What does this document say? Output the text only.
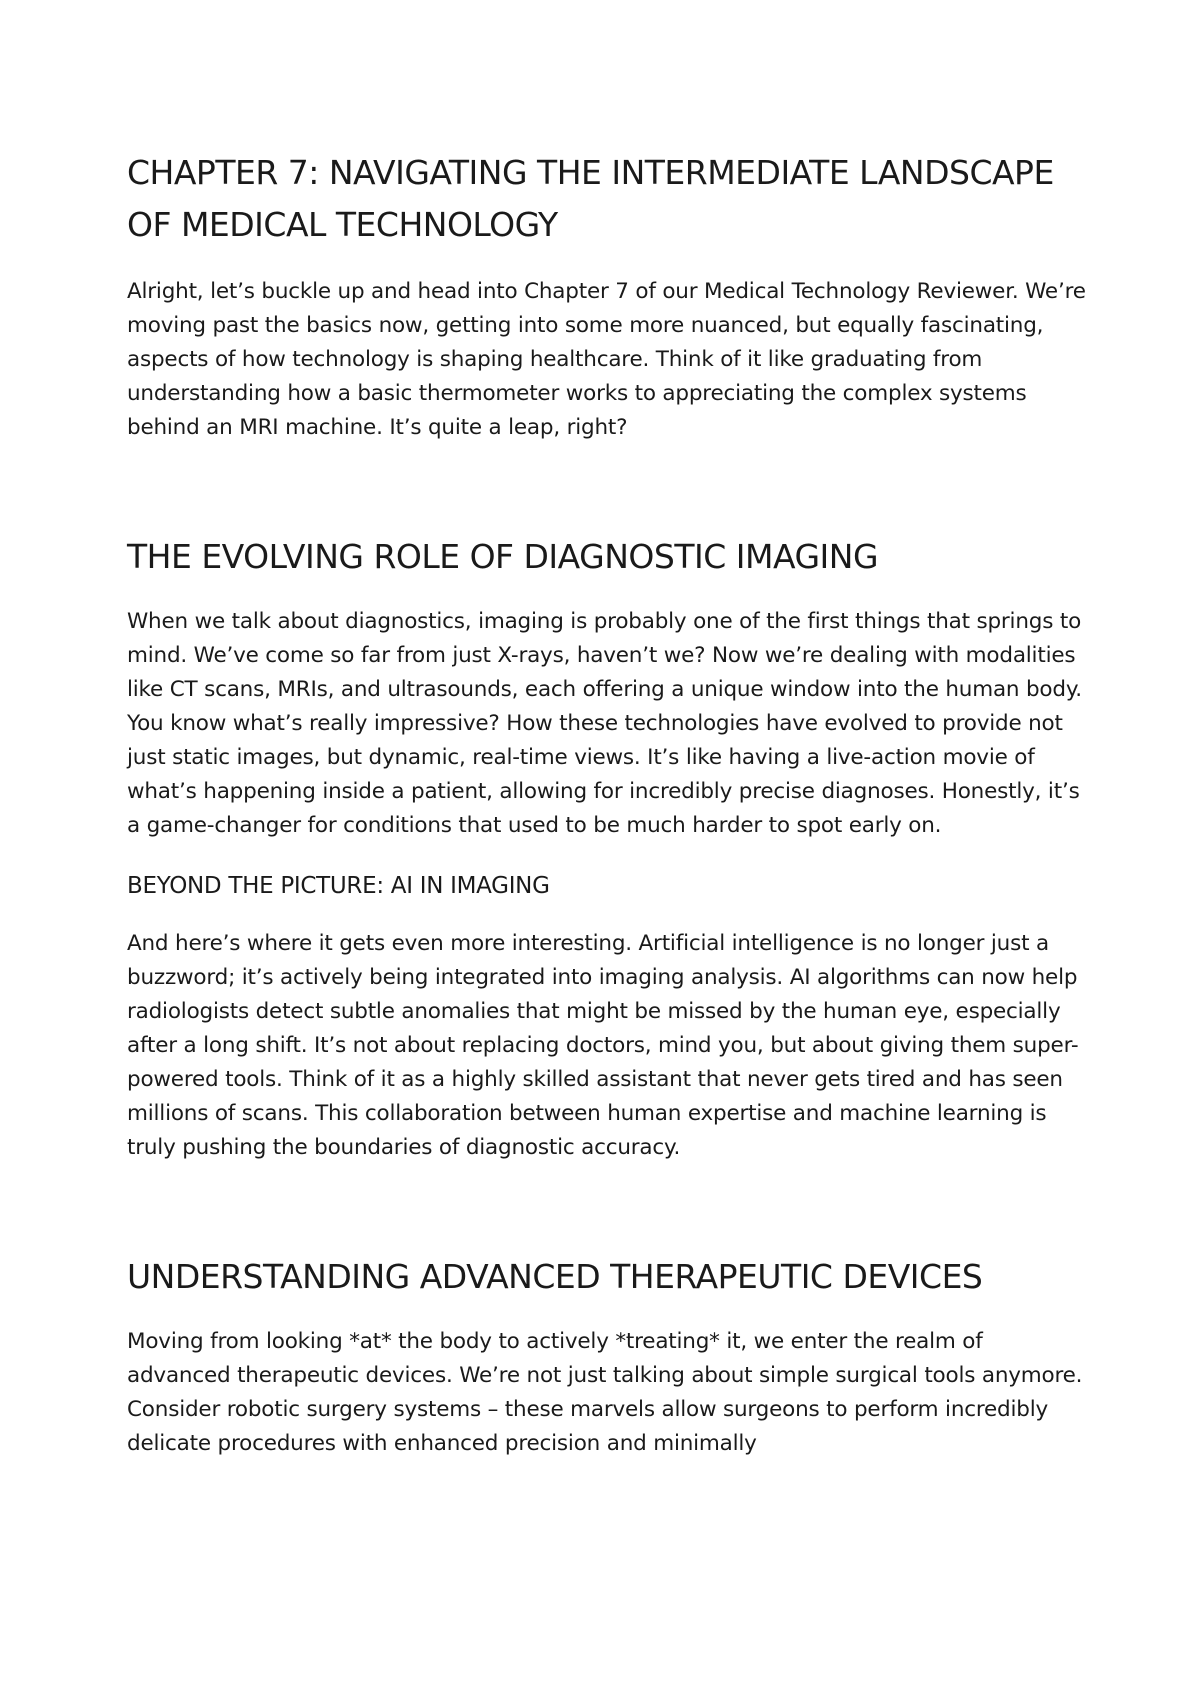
CHAPTER 7: NAVIGATING THE INTERMEDIATE LANDSCAPE OF MEDICAL TECHNOLOGY

Alright, let’s buckle up and head into Chapter 7 of our Medical Technology Reviewer. We’re moving past the basics now, getting into some more nuanced, but equally fascinating, aspects of how technology is shaping healthcare. Think of it like graduating from understanding how a basic thermometer works to appreciating the complex systems behind an MRI machine. It’s quite a leap, right?

THE EVOLVING ROLE OF DIAGNOSTIC IMAGING

When we talk about diagnostics, imaging is probably one of the first things that springs to mind. We’ve come so far from just X-rays, haven’t we? Now we’re dealing with modalities like CT scans, MRIs, and ultrasounds, each offering a unique window into the human body. You know what’s really impressive? How these technologies have evolved to provide not just static images, but dynamic, real-time views. It’s like having a live-action movie of what’s happening inside a patient, allowing for incredibly precise diagnoses. Honestly, it’s a game-changer for conditions that used to be much harder to spot early on.

BEYOND THE PICTURE: AI IN IMAGING

And here’s where it gets even more interesting. Artificial intelligence is no longer just a buzzword; it’s actively being integrated into imaging analysis. AI algorithms can now help radiologists detect subtle anomalies that might be missed by the human eye, especially after a long shift. It’s not about replacing doctors, mind you, but about giving them super-powered tools. Think of it as a highly skilled assistant that never gets tired and has seen millions of scans. This collaboration between human expertise and machine learning is truly pushing the boundaries of diagnostic accuracy.

UNDERSTANDING ADVANCED THERAPEUTIC DEVICES

Moving from looking *at* the body to actively *treating* it, we enter the realm of advanced therapeutic devices. We’re not just talking about simple surgical tools anymore. Consider robotic surgery systems – these marvels allow surgeons to perform incredibly delicate procedures with enhanced precision and minimally
